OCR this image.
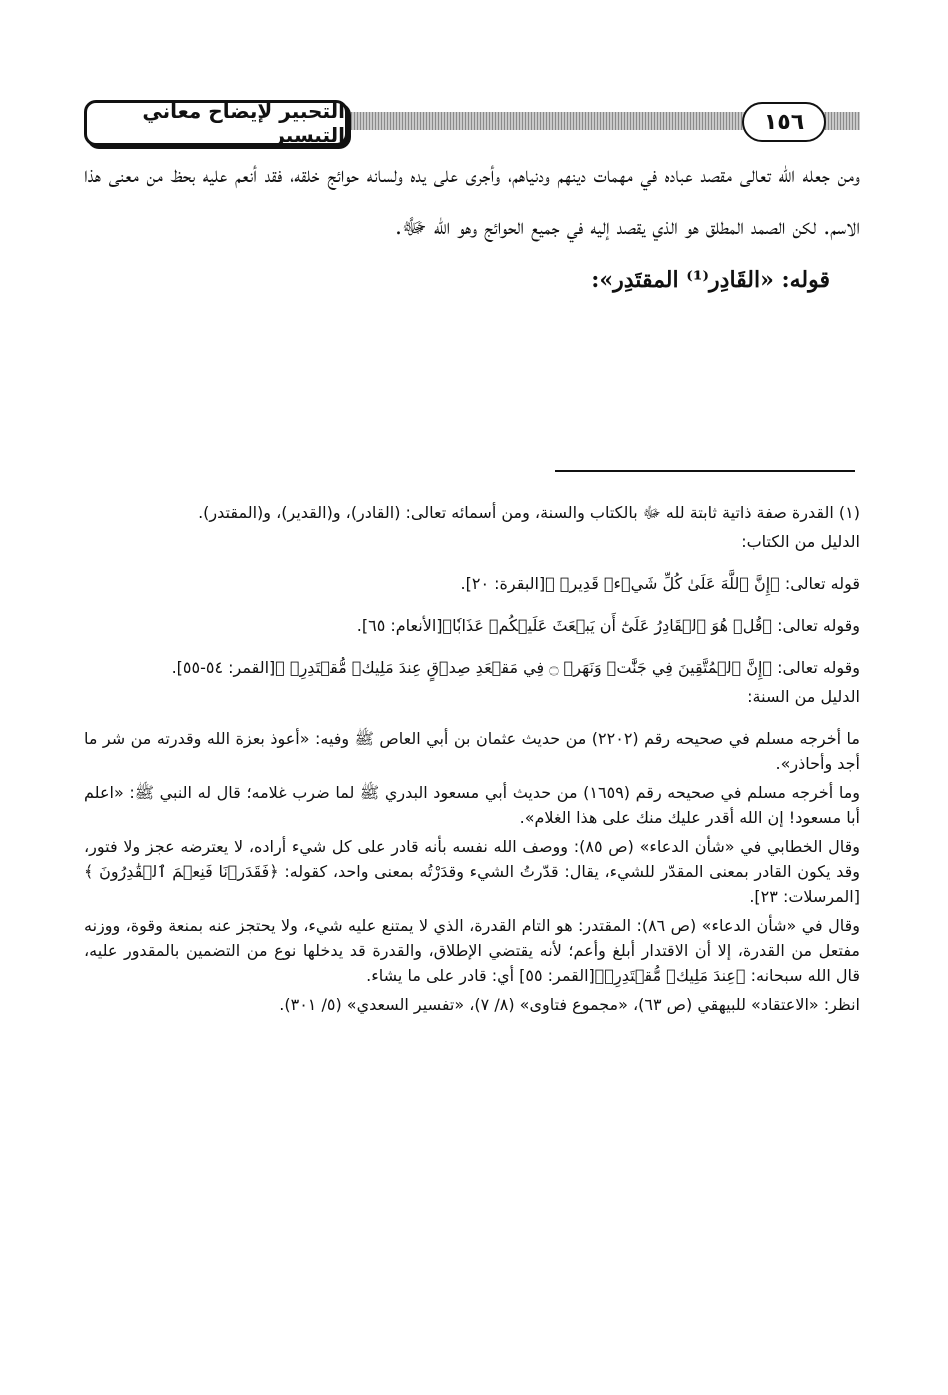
التحبير لإيضاح معاني التيسير
١٥٦

ومن جعله الله تعالى مقصد عباده في مهمات دينهم ودنياهم، وأجرى على يده ولسانه حوائج خلقه، فقد أنعم عليه بحظ من معنى هذا الاسم. لكن الصمد المطلق هو الذي يقصد إليه في جميع الحوائج وهو الله ﷻ.

قوله: «القَادِر⁽¹⁾ المقتَدِر»:

(١) القدرة صفة ذاتية ثابتة لله ﷻ بالكتاب والسنة، ومن أسمائه تعالى: (القادر)، و(القدير)، و(المقتدر).

الدليل من الكتاب:

قوله تعالى: ﴿إِنَّ ٱللَّهَ عَلَىٰ كُلِّ شَيۡءٖ قَدِيرٞ ﴾[البقرة: ٢٠].

وقوله تعالى: ﴿قُلۡ هُوَ ٱلۡقَادِرُ عَلَىٰٓ أَن يَبۡعَثَ عَلَيۡكُمۡ عَذَابٗا﴾[الأنعام: ٦٥].

وقوله تعالى: ﴿إِنَّ ٱلۡمُتَّقِينَ فِي جَنَّٰتٖ وَنَهَرٖ ۝ فِي مَقۡعَدِ صِدۡقٍ عِندَ مَلِيكٖ مُّقۡتَدِرِۭ ﴾[القمر: ٥٤-٥٥].

الدليل من السنة:

ما أخرجه مسلم في صحيحه رقم (٢٢٠٢) من حديث عثمان بن أبي العاص ﷺ وفيه: «أعوذ بعزة الله وقدرته من شر ما أجد وأحاذر».

وما أخرجه مسلم في صحيحه رقم (١٦٥٩) من حديث أبي مسعود البدري ﷺ لما ضرب غلامه؛ قال له النبي ﷺ: «اعلم أبا مسعود! إن الله أقدر عليك منك على هذا الغلام».

وقال الخطابي في «شأن الدعاء» (ص ٨٥): ووصف الله نفسه بأنه قادر على كل شيء أراده، لا يعترضه عجز ولا فتور، وقد يكون القادر بمعنى المقدّر للشيء، يقال: قدّرتُ الشيء وقدَرْتُه بمعنى واحد، كقوله: ﴿فَقَدَرۡنَا فَنِعۡمَ ٱلۡقَٰدِرُونَ ﴾[المرسلات: ٢٣].

وقال في «شأن الدعاء» (ص ٨٦): المقتدر: هو التام القدرة، الذي لا يمتنع عليه شيء، ولا يحتجز عنه بمنعة وقوة، ووزنه مفتعل من القدرة، إلا أن الاقتدار أبلغ وأعم؛ لأنه يقتضي الإطلاق، والقدرة قد يدخلها نوع من التضمين بالمقدور عليه، قال الله سبحانه: ﴿عِندَ مَلِيكٖ مُّقۡتَدِرِۭ﴾[القمر: ٥٥] أي: قادر على ما يشاء.

انظر: «الاعتقاد» للبيهقي (ص ٦٣)، «مجموع فتاوى» (٨/ ٧)، «تفسير السعدي» (٥/ ٣٠١).
